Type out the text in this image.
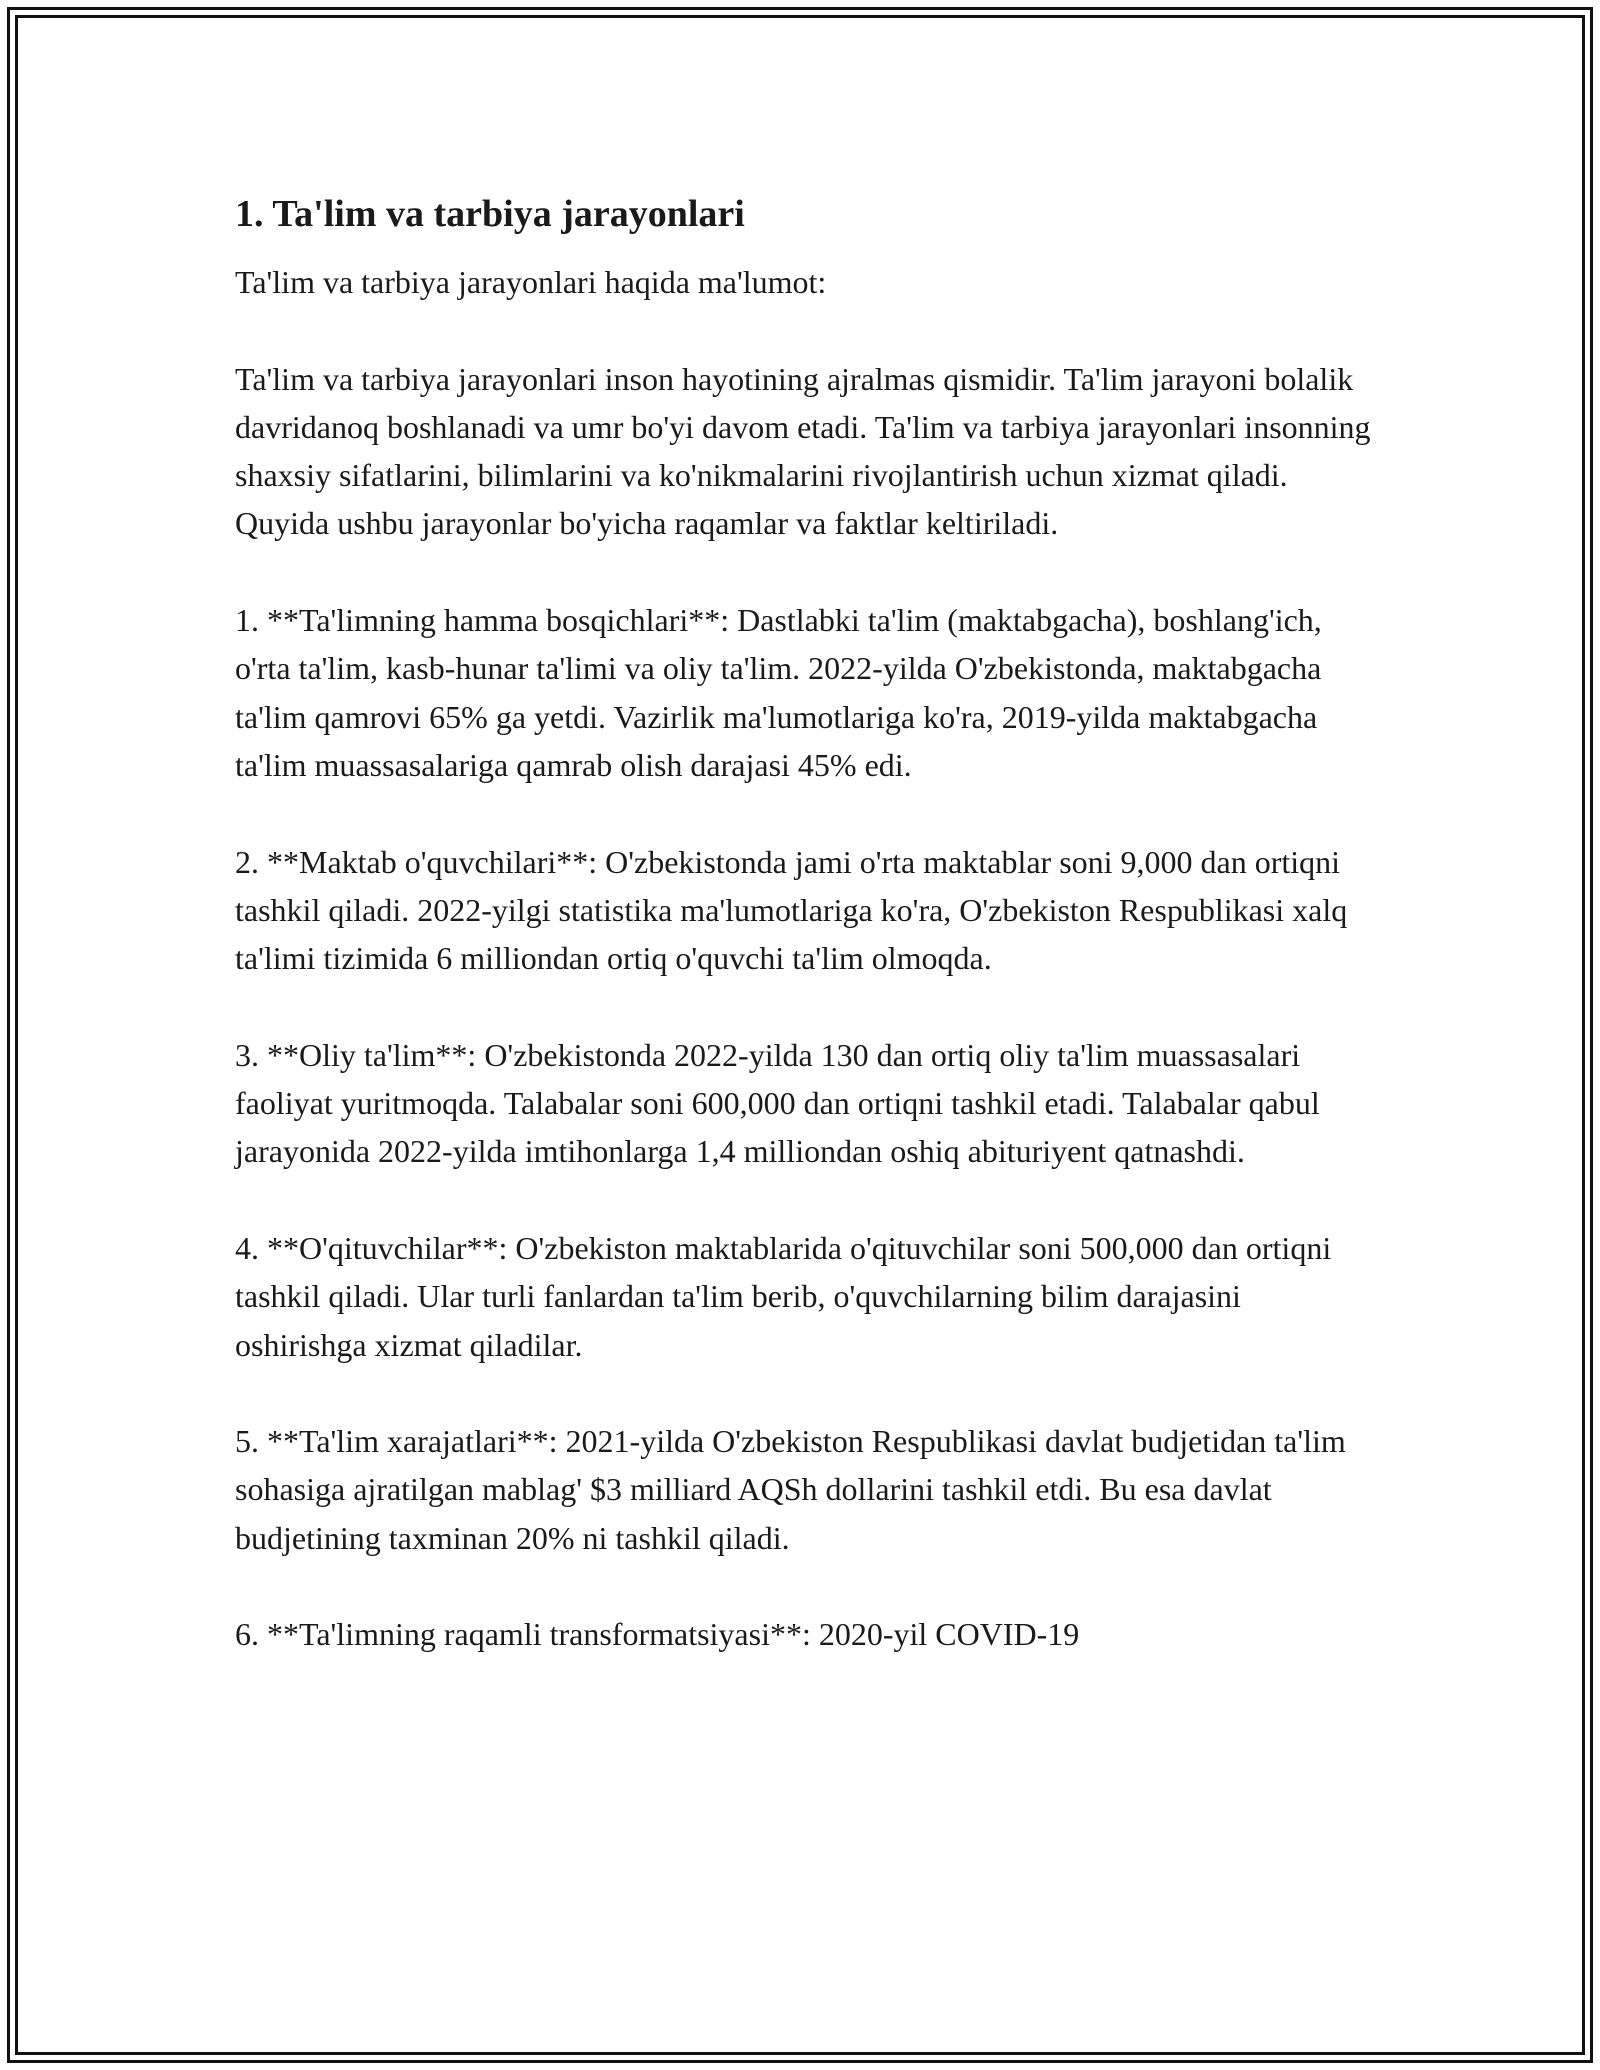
1. Ta'lim va tarbiya jarayonlari

Ta'lim va tarbiya jarayonlari haqida ma'lumot:

Ta'lim va tarbiya jarayonlari inson hayotining ajralmas qismidir. Ta'lim jarayoni bolalik davridanoq boshlanadi va umr bo'yi davom etadi. Ta'lim va tarbiya jarayonlari insonning shaxsiy sifatlarini, bilimlarini va ko'nikmalarini rivojlantirish uchun xizmat qiladi. Quyida ushbu jarayonlar bo'yicha raqamlar va faktlar keltiriladi.

1. **Ta'limning hamma bosqichlari**: Dastlabki ta'lim (maktabgacha), boshlang'ich, o'rta ta'lim, kasb-hunar ta'limi va oliy ta'lim. 2022-yilda O'zbekistonda, maktabgacha ta'lim qamrovi 65% ga yetdi. Vazirlik ma'lumotlariga ko'ra, 2019-yilda maktabgacha ta'lim muassasalariga qamrab olish darajasi 45% edi.

2. **Maktab o'quvchilari**: O'zbekistonda jami o'rta maktablar soni 9,000 dan ortiqni tashkil qiladi. 2022-yilgi statistika ma'lumotlariga ko'ra, O'zbekiston Respublikasi xalq ta'limi tizimida 6 milliondan ortiq o'quvchi ta'lim olmoqda.

3. **Oliy ta'lim**: O'zbekistonda 2022-yilda 130 dan ortiq oliy ta'lim muassasalari faoliyat yuritmoqda. Talabalar soni 600,000 dan ortiqni tashkil etadi. Talabalar qabul jarayonida 2022-yilda imtihonlarga 1,4 milliondan oshiq abituriyent qatnashdi.

4. **O'qituvchilar**: O'zbekiston maktablarida o'qituvchilar soni 500,000 dan ortiqni tashkil qiladi. Ular turli fanlardan ta'lim berib, o'quvchilarning bilim darajasini oshirishga xizmat qiladilar.

5. **Ta'lim xarajatlari**: 2021-yilda O'zbekiston Respublikasi davlat budjetidan ta'lim sohasiga ajratilgan mablag' $3 milliard AQSh dollarini tashkil etdi. Bu esa davlat budjetining taxminan 20% ni tashkil qiladi.

6. **Ta'limning raqamli transformatsiyasi**: 2020-yil COVID-19
